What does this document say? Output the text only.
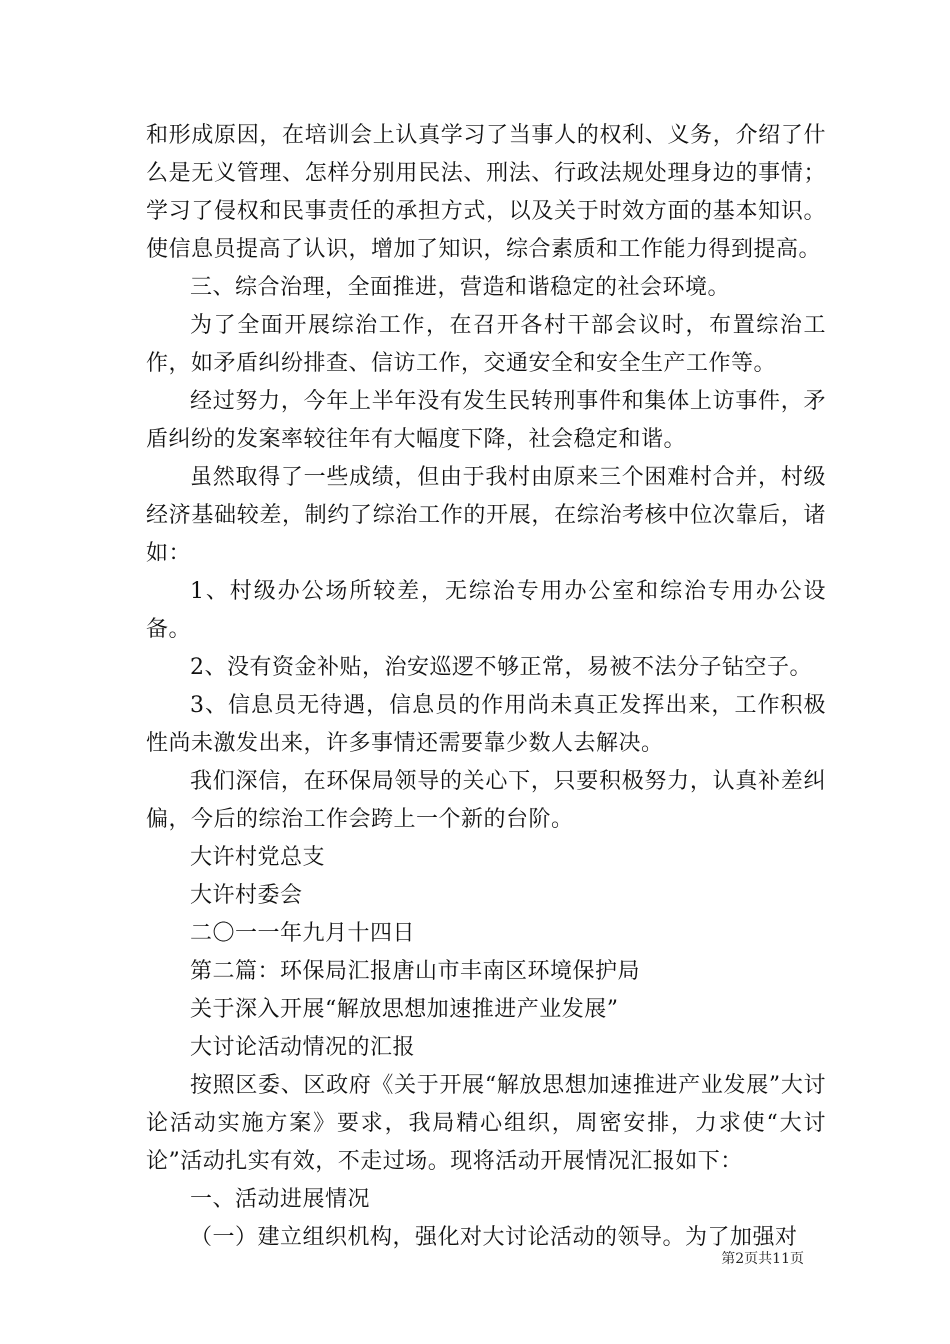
和形成原因，在培训会上认真学习了当事人的权利、义务，介绍了什么是无义管理、怎样分别用民法、刑法、行政法规处理身边的事情；学习了侵权和民事责任的承担方式，以及关于时效方面的基本知识。使信息员提高了认识，增加了知识，综合素质和工作能力得到提高。

三、综合治理，全面推进，营造和谐稳定的社会环境。

为了全面开展综治工作，在召开各村干部会议时，布置综治工作，如矛盾纠纷排查、信访工作，交通安全和安全生产工作等。

经过努力，今年上半年没有发生民转刑事件和集体上访事件，矛盾纠纷的发案率较往年有大幅度下降，社会稳定和谐。

虽然取得了一些成绩，但由于我村由原来三个困难村合并，村级经济基础较差，制约了综治工作的开展，在综治考核中位次靠后，诸如：

1、村级办公场所较差，无综治专用办公室和综治专用办公设备。

2、没有资金补贴，治安巡逻不够正常，易被不法分子钻空子。

3、信息员无待遇，信息员的作用尚未真正发挥出来，工作积极性尚未激发出来，许多事情还需要靠少数人去解决。

我们深信，在环保局领导的关心下，只要积极努力，认真补差纠偏，今后的综治工作会跨上一个新的台阶。

大许村党总支

大许村委会

二〇一一年九月十四日

第二篇：环保局汇报唐山市丰南区环境保护局

关于深入开展“解放思想加速推进产业发展”

大讨论活动情况的汇报

按照区委、区政府《关于开展“解放思想加速推进产业发展”大讨论活动实施方案》要求，我局精心组织，周密安排，力求使“大讨论”活动扎实有效，不走过场。现将活动开展情况汇报如下：

一、活动进展情况

（一）建立组织机构，强化对大讨论活动的领导。为了加强对

第2页共11页
